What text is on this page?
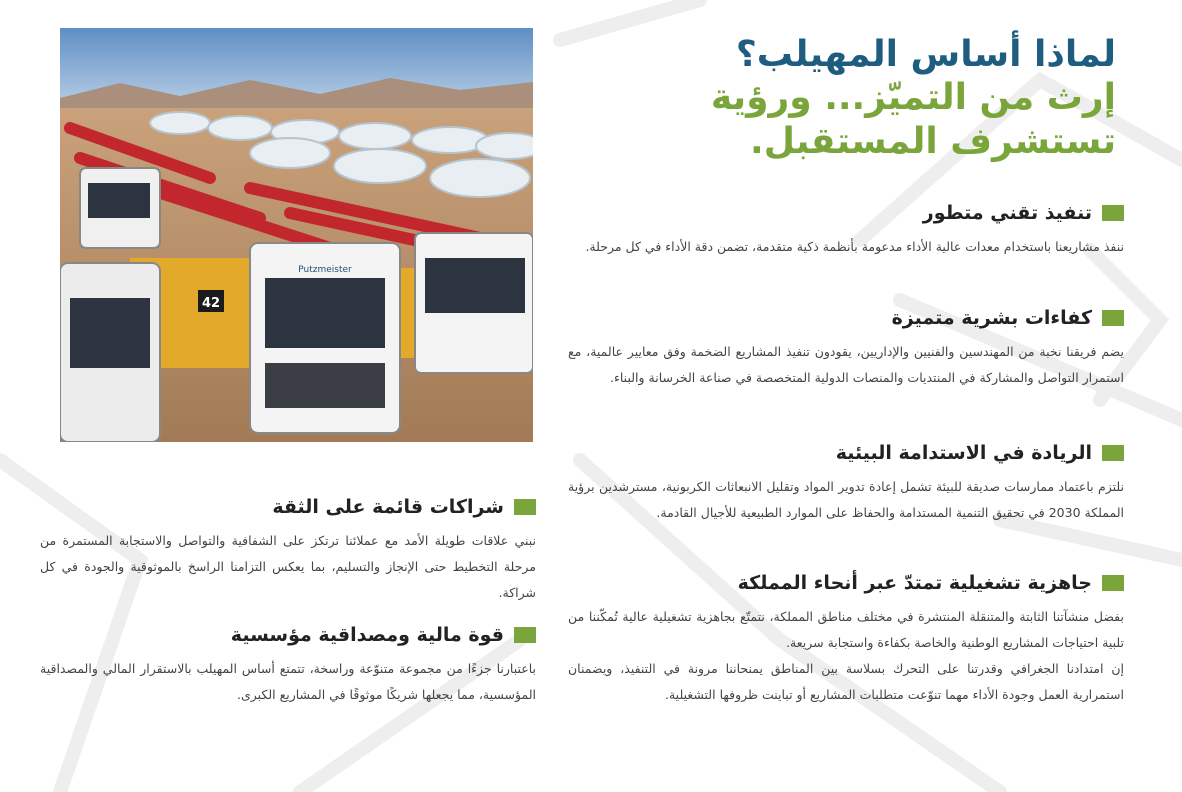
42
Putzmeister
لماذا أساس المهيلب؟
إرث من التميّز... ورؤية
تستشرف المستقبل.
تنفيذ تقني متطور

ننفذ مشاريعنا باستخدام معدات عالية الأداء مدعومة بأنظمة ذكية متقدمة، تضمن دقة الأداء في كل مرحلة.

كفاءات بشرية متميزة

يضم فريقنا نخبة من المهندسين والفنيين والإداريين، يقودون تنفيذ المشاريع الضخمة وفق معايير عالمية، مع استمرار التواصل والمشاركة في المنتديات والمنصات الدولية المتخصصة في صناعة الخرسانة والبناء.

الريادة في الاستدامة البيئية

نلتزم باعتماد ممارسات صديقة للبيئة تشمل إعادة تدوير المواد وتقليل الانبعاثات الكربونية، مسترشدين برؤية المملكة 2030 في تحقيق التنمية المستدامة والحفاظ على الموارد الطبيعية للأجيال القادمة.

جاهزية تشغيلية تمتدّ عبر أنحاء المملكة

بفضل منشآتنا الثابتة والمتنقلة المنتشرة في مختلف مناطق المملكة، نتمتّع بجاهزية تشغيلية عالية تُمكّننا من تلبية احتياجات المشاريع الوطنية والخاصة بكفاءة واستجابة سريعة.

إن امتدادنا الجغرافي وقدرتنا على التحرك بسلاسة بين المناطق يمنحاننا مرونة في التنفيذ، ويضمنان استمرارية العمل وجودة الأداء مهما تنوّعت متطلبات المشاريع أو تباينت ظروفها التشغيلية.

شراكات قائمة على الثقة

نبني علاقات طويلة الأمد مع عملائنا ترتكز على الشفافية والتواصل والاستجابة المستمرة من مرحلة التخطيط حتى الإنجاز والتسليم، بما يعكس التزامنا الراسخ بالموثوقية والجودة في كل شراكة.

قوة مالية ومصداقية مؤسسية

باعتبارنا جزءًا من مجموعة متنوّعة وراسخة، تتمتع أساس المهيلب بالاستقرار المالي والمصداقية المؤسسية، مما يجعلها شريكًا موثوقًا في المشاريع الكبرى.
